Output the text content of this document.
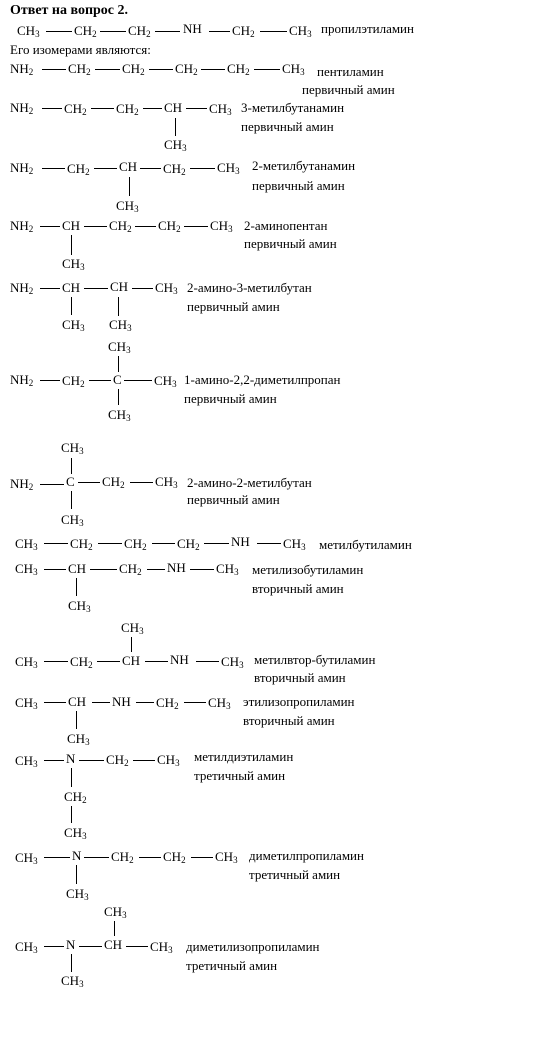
Ответ на вопрос 2.
Его изомерами являются:
$CH_3$	$CH_2$ $CH_2$ NH $CH_2$	$CH_3$ пропилэтиламин
$NH_2$	$CH_2$ $CH_2$ $CH_2$ $CH_2$ $CH_3$ пентиламин
первичный амин
$NH_2$ $CH_2$ $CH_2$ CH $CH_3$
$CH_3$
3-метилбутанамин
первичный амин
$NH_2$	$CH_2$ CH $CH_2$ $CH_3$
$CH_3$
2-метилбутанамин
первичный амин
$NH_2$ CH $CH_2$ $CH_2$ $CH_3$
$CH_3$
2-аминопентан
первичный амин
$NH_2$ CH CH $CH_3$
$CH_3$ $CH_3$
2-амино-3-метилбутан
первичный амин
$NH_2$ $CH_2$ C $CH_3$
$CH_3$
$CH_3$
1-амино-2,2-диметилпропан
первичный амин
$NH_2$	C $CH_2$ $CH_3$
$CH_3$
$CH_3$
2-амино-2-метилбутан
первичный амин
$CH_3$ $CH_2$ $CH_2$ $CH_2$ NH	$CH_3$ метилбутиламин
$CH_3$ CH	$CH_2$ NH $CH_3$
$CH_3$
метилизобутиламин
вторичный амин
$CH_3$ $CH_2$ CH NH $CH_3$
$CH_3$
метилвтор-бутиламин
вторичный амин
$CH_3$ CH NH $CH_2$ $CH_3$
$CH_3$
этилизопропиламин
вторичный амин
$CH_3$ N $CH_2$ $CH_3$
$CH_2$
$CH_3$
метилдиэтиламин
третичный амин
$CH_3$	N $CH_2$ $CH_2$ $CH_3$
$CH_3$
диметилпропиламин
третичный амин
$CH_3$ N CH $CH_3$
$CH_3$
$CH_3$
диметилизопропиламин
третичный амин
